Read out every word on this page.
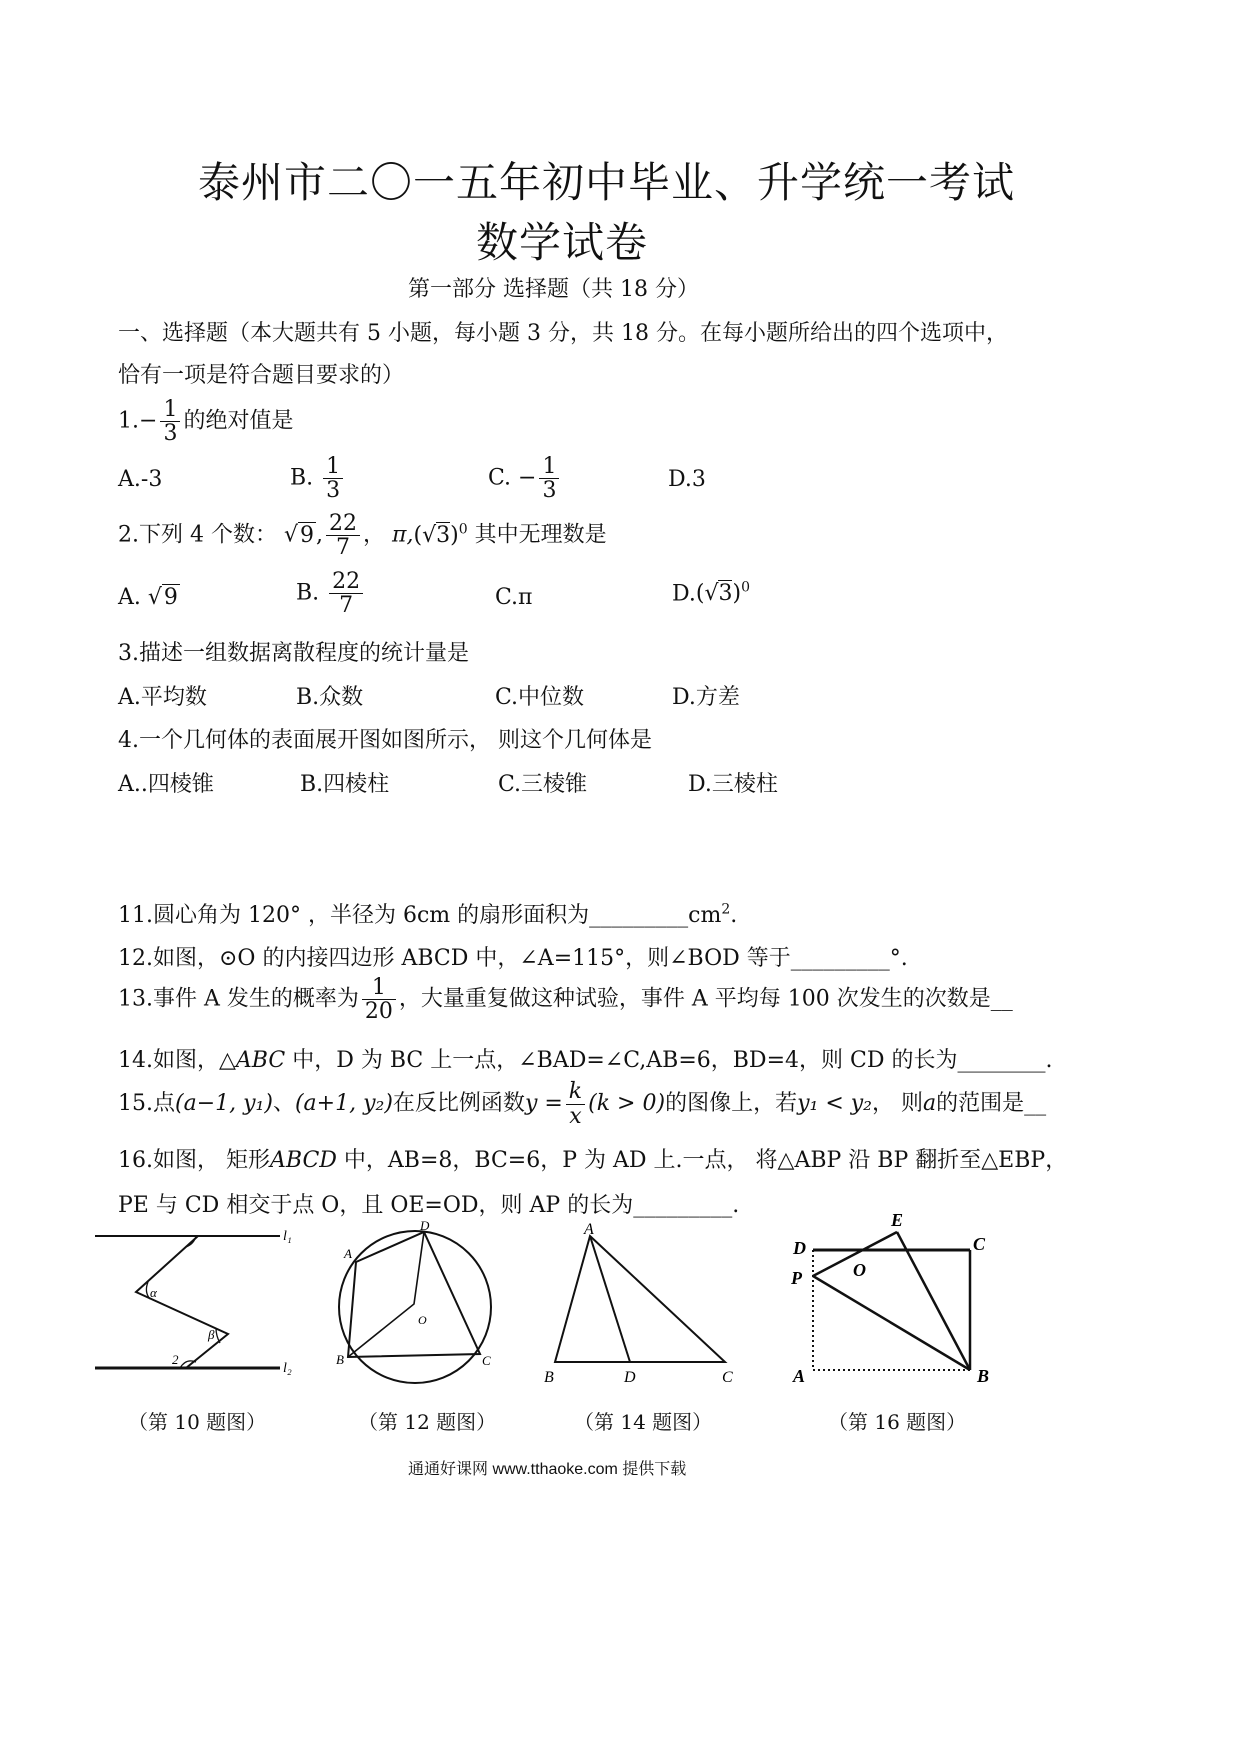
泰州市二〇一五年初中毕业、升学统一考试
数学试卷
第一部分 选择题（共 18 分）
一、选择题（本大题共有 5 小题，每小题 3 分，共 18 分。在每小题所给出的四个选项中，
恰有一项是符合题目要求的）
$1.- \frac{1}{3}$ 的绝对值是
A.-3	B. $\frac{1}{3}$	C. − $\frac{1}{3}$	D.3
2.下列 4 个数： √9, $\frac{22}{7}$ ， $\pi,(√3)^0$ 其中无理数是
A. √9	B. $\frac{22}{7}$	C.π	$D.(√3)^0$
3.描述一组数据离散程度的统计量是
A.平均数	B.众数	C.中位数	D.方差
4.一个几何体的表面展开图如图所示， 则这个几何体是
A..四棱锥	B.四棱柱	C.三棱锥	D.三棱柱
11.圆心角为 120° ，半径为 6cm 的扇形面积为$\_\_\_\_\_\_\_\_\_cm^2$.
12.如图，⊙O 的内接四边形 ABCD 中，∠A=115°，则∠BOD 等于_________°.
13.事件 A 发生的概率为 $\frac{1}{20}$ ，大量重复做这种试验，事件 A 平均每 100 次发生的次数是__
14.如图，△ABC 中，D 为 BC 上一点，∠BAD=∠C,AB=6，BD=4，则 CD 的长为________.
15.点(a−1, y₁)、(a+1, y₂)在反比例函数$y = \frac{k}{x} (k > 0)$的图像上，若y₁ < y₂， 则a的范围是__
16.如图， 矩形ABCD 中，AB=8，BC=6，P 为 AD 上.一点， 将△ABP 沿 BP 翻折至△EBP，
PE 与 CD 相交于点 O，且 OE=OD，则 AP 的长为_________.
l₁
l₂
α
β
2
（第 10 题图）
A
D
O
B	C
（第 12 题图）
A
B	D	C
（第 14 题图）
D
E
C
O
P
A	B
（第 16 题图）
通通好课网 www.tthaoke.com 提供下载
